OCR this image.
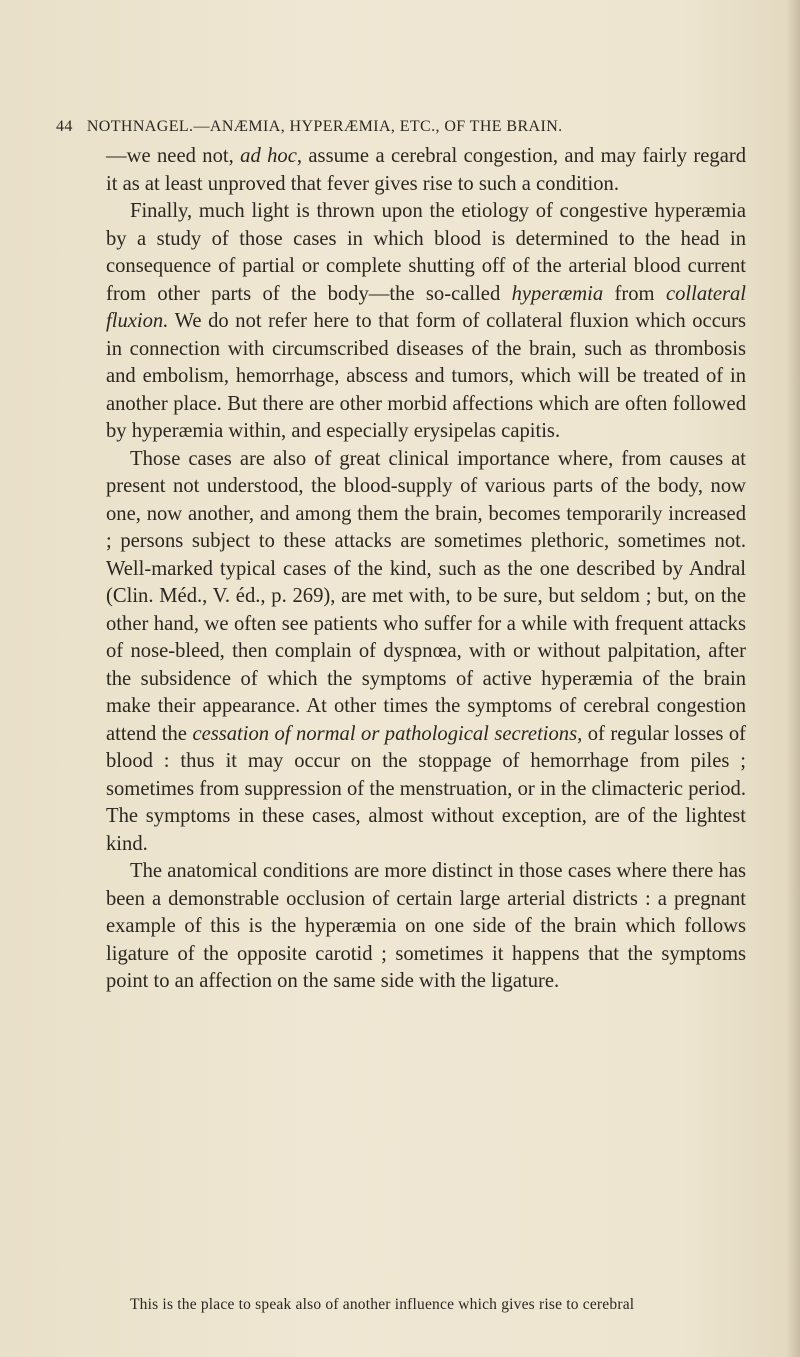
44 NOTHNAGEL.—ANÆMIA, HYPERÆMIA, ETC., OF THE BRAIN.

—we need not, ad hoc, assume a cerebral congestion, and may fairly regard it as at least unproved that fever gives rise to such a condition.

Finally, much light is thrown upon the etiology of congestive hyperæmia by a study of those cases in which blood is determined to the head in consequence of partial or complete shutting off of the arterial blood current from other parts of the body—the so-called hyperæmia from collateral fluxion. We do not refer here to that form of collateral fluxion which occurs in connection with circumscribed diseases of the brain, such as thrombosis and embolism, hemorrhage, abscess and tumors, which will be treated of in another place. But there are other morbid affections which are often followed by hyperæmia within, and especially erysipelas capitis.

Those cases are also of great clinical importance where, from causes at present not understood, the blood-supply of various parts of the body, now one, now another, and among them the brain, becomes temporarily increased ; persons subject to these attacks are sometimes plethoric, sometimes not. Well-marked typical cases of the kind, such as the one described by Andral (Clin. Méd., V. éd., p. 269), are met with, to be sure, but seldom ; but, on the other hand, we often see patients who suffer for a while with frequent attacks of nose-bleed, then complain of dyspnœa, with or without palpitation, after the subsidence of which the symptoms of active hyperæmia of the brain make their appearance. At other times the symptoms of cerebral congestion attend the cessation of normal or pathological secretions, of regular losses of blood : thus it may occur on the stoppage of hemorrhage from piles ; sometimes from suppression of the menstruation, or in the climacteric period. The symptoms in these cases, almost without exception, are of the lightest kind.

The anatomical conditions are more distinct in those cases where there has been a demonstrable occlusion of certain large arterial districts : a pregnant example of this is the hyperæmia on one side of the brain which follows ligature of the opposite carotid ; sometimes it happens that the symptoms point to an affection on the same side with the ligature.

This is the place to speak also of another influence which gives rise to cerebral
